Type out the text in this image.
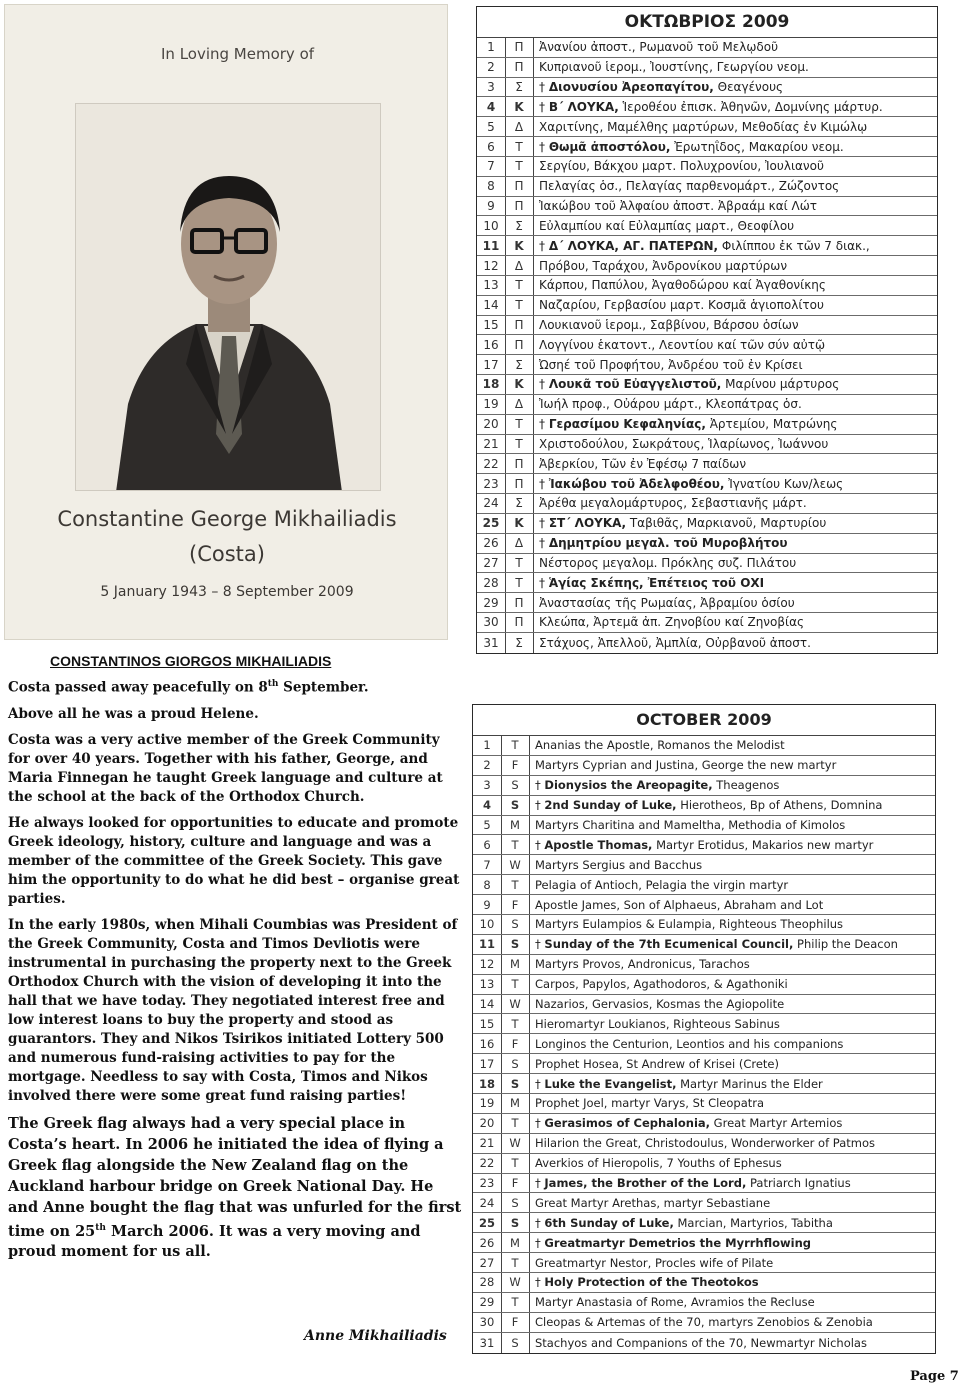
In Loving Memory of
Constantine George Mikhailiadis
(Costa)
5 January 1943 – 8 September 2009
CONSTANTINOS GIORGOS MIKHAILIADIS

Costa passed away peacefully on 8th September.

Above all he was a proud Helene.

Costa was a very active member of the Greek Community for over 40 years. Together with his father, George, and Maria Finnegan he taught Greek language and culture at the school at the back of the Orthodox Church.

He always looked for opportunities to educate and promote Greek ideology, history, culture and language and was a member of the committee of the Greek Society. This gave him the opportunity to do what he did best – organise great parties.

In the early 1980s, when Mihali Coumbias was President of the Greek Community, Costa and Timos Devliotis were instrumental in purchasing the property next to the Greek Orthodox Church with the vision of developing it into the hall that we have today. They negotiated interest free and low interest loans to buy the property and stood as guarantors. They and Nikos Tsirikos initiated Lottery 500 and numerous fund-raising activities to pay for the mortgage. Needless to say with Costa, Timos and Nikos involved there were some great fund raising parties!

The Greek flag always had a very special place in Costa’s heart. In 2006 he initiated the idea of flying a Greek flag alongside the New Zealand flag on the Auckland harbour bridge on Greek National Day. He and Anne bought the flag that was unfurled for the first time on 25th March 2006. It was a very moving and proud moment for us all.

Anne Mikhailiadis
ΟΚΤΩΒΡΙΟΣ 2009
1	Π	Ἀνανίου ἀποστ., Ρωμανοῦ τοῦ Μελῳδοῦ
2	Π	Κυπριανοῦ ἱερομ., Ἰουστίνης, Γεωργίου νεομ.
3	Σ	† Διονυσίου Ἀρεοπαγίτου, Θεαγένους
4	Κ	† Β΄ ΛΟΥΚΑ, Ἱεροθέου ἐπισκ. Ἀθηνῶν, Δομνίνης μάρτυρ.
5	Δ	Χαριτίνης, Μαμέλθης μαρτύρων, Μεθοδίας ἐν Κιμώλῳ
6	Τ	† Θωμᾶ ἀποστόλου, Ἐρωτηΐδος, Μακαρίου νεομ.
7	Τ	Σεργίου, Βάκχου μαρτ. Πολυχρονίου, Ἰουλιανοῦ
8	Π	Πελαγίας ὁσ., Πελαγίας παρθενομάρτ., Ζώζοντος
9	Π	Ἰακώβου τοῦ Ἀλφαίου ἀποστ. Ἀβραάμ καί Λώτ
10	Σ	Εὐλαμπίου καί Εὐλαμπίας μαρτ., Θεοφίλου
11	Κ	† Δ΄ ΛΟΥΚΑ, ΑΓ. ΠΑΤΕΡΩΝ, Φιλίππου ἐκ τῶν 7 διακ.,
12	Δ	Πρόβου, Ταράχου, Ἀνδρονίκου μαρτύρων
13	Τ	Κάρπου, Παπύλου, Ἀγαθοδώρου καί Ἀγαθονίκης
14	Τ	Ναζαρίου, Γερβασίου μαρτ. Κοσμᾶ ἁγιοπολίτου
15	Π	Λουκιανοῦ ἱερομ., Σαββίνου, Βάρσου ὁσίων
16	Π	Λογγίνου ἑκατοντ., Λεοντίου καί τῶν σύν αὐτῷ
17	Σ	Ὠσηέ τοῦ Προφήτου, Ἀνδρέου τοῦ ἐν Κρίσει
18	Κ	† Λουκᾶ τοῦ Εὐαγγελιστοῦ, Μαρίνου μάρτυρος
19	Δ	Ἰωήλ προφ., Οὐάρου μάρτ., Κλεοπάτρας ὁσ.
20	Τ	† Γερασίμου Κεφαληνίας, Ἀρτεμίου, Ματρώνης
21	Τ	Χριστοδούλου, Σωκράτους, Ἱλαρίωνος, Ἰωάννου
22	Π	Ἀβερκίου, Τῶν ἐν Ἐφέσῳ 7 παίδων
23	Π	† Ἰακώβου τοῦ Ἀδελφοθέου, Ἰγνατίου Κων/λεως
24	Σ	Ἀρέθα μεγαλομάρτυρος, Σεβαστιανῆς μάρτ.
25	Κ	† ΣΤ΄ ΛΟΥΚΑ, Ταβιθᾶς, Μαρκιανοῦ, Μαρτυρίου
26	Δ	† Δημητρίου μεγαλ. τοῦ Μυροβλήτου
27	Τ	Νέστορος μεγαλομ. Πρόκλης συζ. Πιλάτου
28	Τ	† Ἁγίας Σκέπης, Ἐπέτειος τοῦ ΟΧΙ
29	Π	Ἀναστασίας τῆς Ρωμαίας, Ἀβραμίου ὁσίου
30	Π	Κλεώπα, Ἀρτεμᾶ ἀπ. Ζηνοβίου καί Ζηνοβίας
31	Σ	Στάχυος, Ἀπελλοῦ, Ἀμπλία, Οὐρβανοῦ ἀποστ.
OCTOBER 2009
1	T	Ananias the Apostle, Romanos the Melodist
2	F	Martyrs Cyprian and Justina, George the new martyr
3	S	† Dionysios the Areopagite, Theagenos
4	S	† 2nd Sunday of Luke, Hierotheos, Bp of Athens, Domnina
5	M	Martyrs Charitina and Mameltha, Methodia of Kimolos
6	T	† Apostle Thomas, Martyr Erotidus, Makarios new martyr
7	W	Martyrs Sergius and Bacchus
8	T	Pelagia of Antioch, Pelagia the virgin martyr
9	F	Apostle James, Son of Alphaeus, Abraham and Lot
10	S	Martyrs Eulampios & Eulampia, Righteous Theophilus
11	S	† Sunday of the 7th Ecumenical Council, Philip the Deacon
12	M	Martyrs Provos, Andronicus, Tarachos
13	T	Carpos, Papylos, Agathodoros, & Agathoniki
14	W	Nazarios, Gervasios, Kosmas the Agiopolite
15	T	Hieromartyr Loukianos, Righteous Sabinus
16	F	Longinos the Centurion, Leontios and his companions
17	S	Prophet Hosea, St Andrew of Krisei (Crete)
18	S	† Luke the Evangelist, Martyr Marinus the Elder
19	M	Prophet Joel, martyr Varys, St Cleopatra
20	T	† Gerasimos of Cephalonia, Great Martyr Artemios
21	W	Hilarion the Great, Christodoulus, Wonderworker of Patmos
22	T	Averkios of Hieropolis, 7 Youths of Ephesus
23	F	† James, the Brother of the Lord, Patriarch Ignatius
24	S	Great Martyr Arethas, martyr Sebastiane
25	S	† 6th Sunday of Luke, Marcian, Martyrios, Tabitha
26	M	† Greatmartyr Demetrios the Myrrhflowing
27	T	Greatmartyr Nestor, Procles wife of Pilate
28	W	† Holy Protection of the Theotokos
29	T	Martyr Anastasia of Rome, Avramios the Recluse
30	F	Cleopas & Artemas of the 70, martyrs Zenobios & Zenobia
31	S	Stachyos and Companions of the 70, Newmartyr Nicholas
Page 7
